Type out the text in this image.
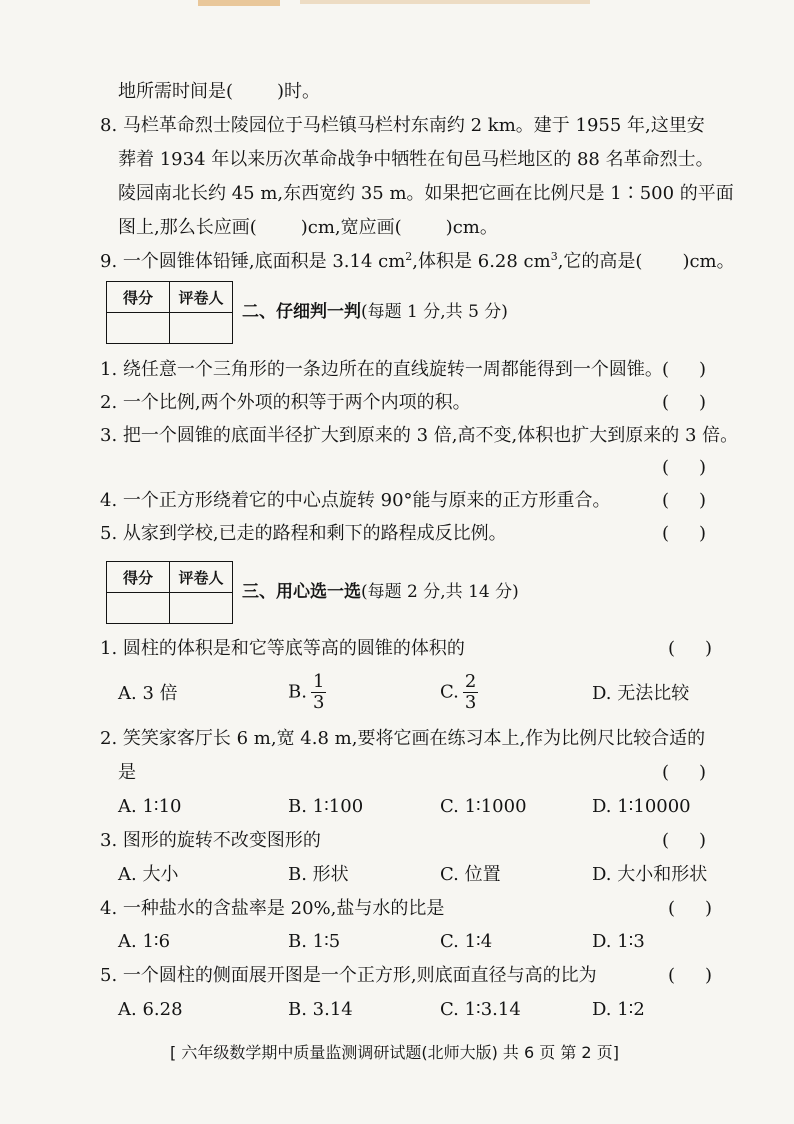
地所需时间是( )时。
8. 马栏革命烈士陵园位于马栏镇马栏村东南约 2 km。建于 1955 年,这里安
葬着 1934 年以来历次革命战争中牺牲在旬邑马栏地区的 88 名革命烈士。
陵园南北长约 45 m,东西宽约 35 m。如果把它画在比例尺是 1∶500 的平面
图上,那么长应画( )cm,宽应画( )cm。
9. 一个圆锥体铅锤,底面积是 3.14 $cm^2$,体积是 6.28 $cm^3$,它的高是( )cm。
得分	评卷人

二、仔细判一判(每题 1 分,共 5 分)
1. 绕任意一个三角形的一条边所在的直线旋转一周都能得到一个圆锥。 ( )
2. 一个比例,两个外项的积等于两个内项的积。	( )
3. 把一个圆锥的底面半径扩大到原来的 3 倍,高不变,体积也扩大到原来的 3 倍。
( )
4. 一个正方形绕着它的中心点旋转 90°能与原来的正方形重合。	( )
5. 从家到学校,已走的路程和剩下的路程成反比例。	( )
得分	评卷人

三、用心选一选(每题 2 分,共 14 分)
1. 圆柱的体积是和它等底等高的圆锥的体积的	( )
A. 3 倍	B. $\frac{1}{3}$	C. $\frac{2}{3}$	D. 无法比较
2. 笑笑家客厅长 6 m,宽 4.8 m,要将它画在练习本上,作为比例尺比较合适的
是	( )
A. 1∶10	B. 1∶100	C. 1∶1000	D. 1∶10000
3. 图形的旋转不改变图形的	( )
A. 大小	B. 形状	C. 位置	D. 大小和形状
4. 一种盐水的含盐率是 20%,盐与水的比是	( )
A. 1∶6	B. 1∶5	C. 1∶4	D. 1∶3
5. 一个圆柱的侧面展开图是一个正方形,则底面直径与高的比为	( )
A. 6.28	B. 3.14	C. 1∶3.14	D. 1∶2
[ 六年级数学期中质量监测调研试题(北师大版) 共 6 页 第 2 页]
